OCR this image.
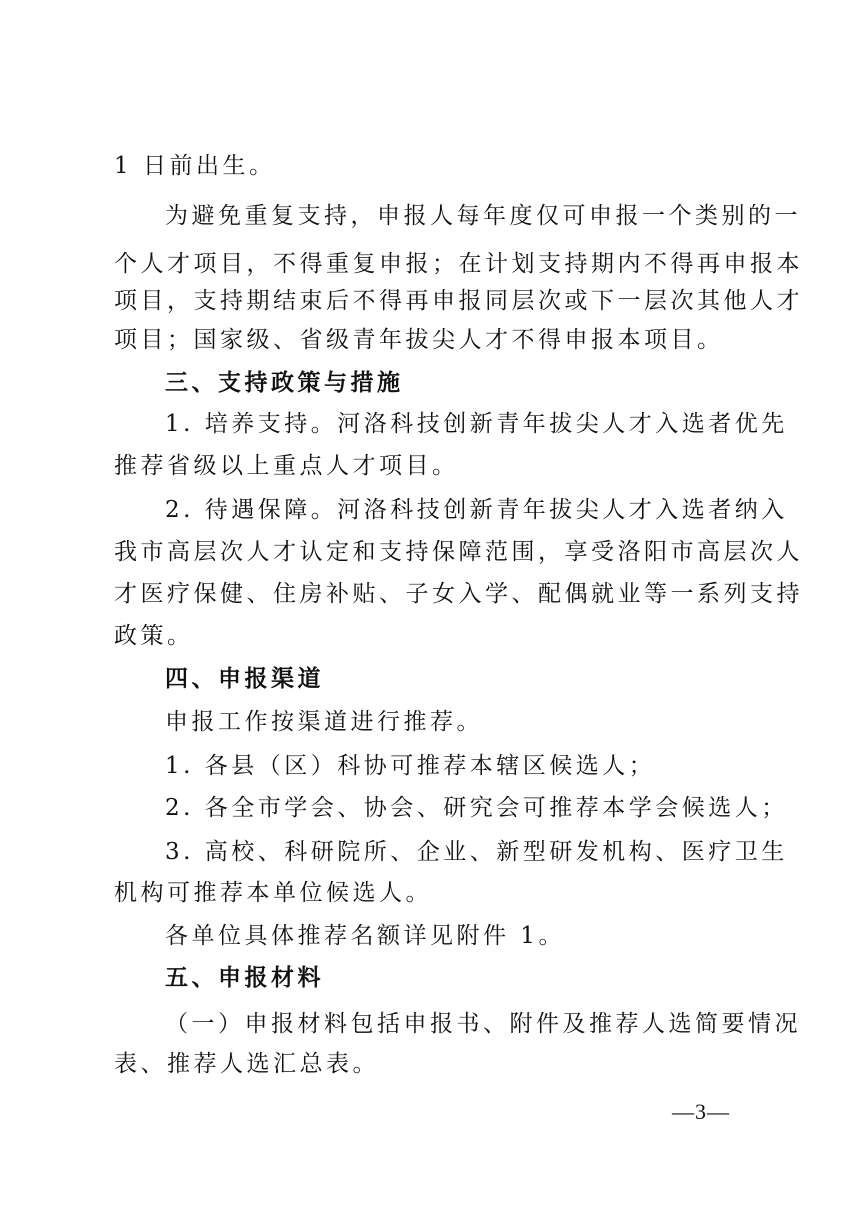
1 日前出生。
为避免重复支持，申报人每年度仅可申报一个类别的一
个人才项目，不得重复申报；在计划支持期内不得再申报本
项目，支持期结束后不得再申报同层次或下一层次其他人才
项目；国家级、省级青年拔尖人才不得申报本项目。
三、支持政策与措施
1. 培养支持。河洛科技创新青年拔尖人才入选者优先
推荐省级以上重点人才项目。
2. 待遇保障。河洛科技创新青年拔尖人才入选者纳入
我市高层次人才认定和支持保障范围，享受洛阳市高层次人
才医疗保健、住房补贴、子女入学、配偶就业等一系列支持
政策。
四、申报渠道
申报工作按渠道进行推荐。
1. 各县（区）科协可推荐本辖区候选人；
2. 各全市学会、协会、研究会可推荐本学会候选人；
3. 高校、科研院所、企业、新型研发机构、医疗卫生
机构可推荐本单位候选人。
各单位具体推荐名额详见附件 1。
五、申报材料
（一）申报材料包括申报书、附件及推荐人选简要情况
表、推荐人选汇总表。
—3—
